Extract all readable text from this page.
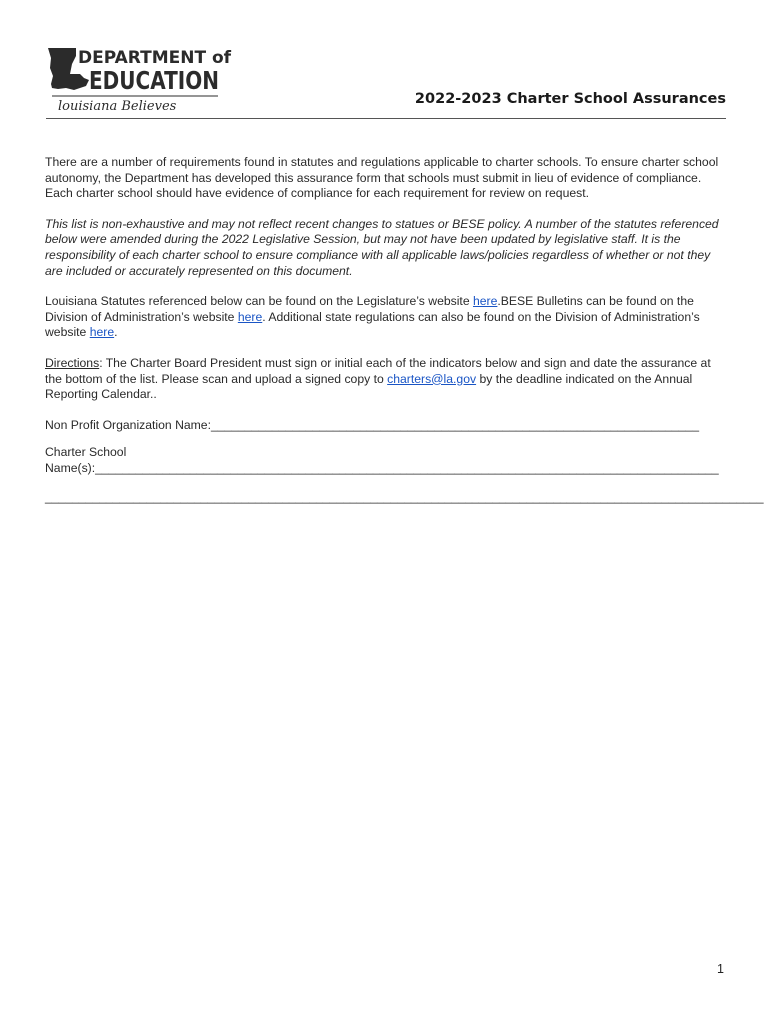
DEPARTMENT of
EDUCATION
louisiana Believes	2022-2023 Charter School Assurances

There are a number of requirements found in statutes and regulations applicable to charter schools. To ensure charter school autonomy, the Department has developed this assurance form that schools must submit in lieu of evidence of compliance. Each charter school should have evidence of compliance for each requirement for review on request.

This list is non-exhaustive and may not reflect recent changes to statues or BESE policy. A number of the statutes referenced below were amended during the 2022 Legislative Session, but may not have been updated by legislative staff. It is the responsibility of each charter school to ensure compliance with all applicable laws/policies regardless of whether or not they are included or accurately represented on this document.

Louisiana Statutes referenced below can be found on the Legislature’s website here.BESE Bulletins can be found on the Division of Administration’s website here. Additional state regulations can also be found on the Division of Administration’s website here.

Directions: The Charter Board President must sign or initial each of the indicators below and sign and date the assurance at the bottom of the list. Please scan and upload a signed copy to charters@la.gov by the deadline indicated on the Annual Reporting Calendar..

Non Profit Organization Name:________________________________________________________________________
Charter School
Name(s):____________________________________________________________________________________________
__________________________________________________________________________________________________________
1
